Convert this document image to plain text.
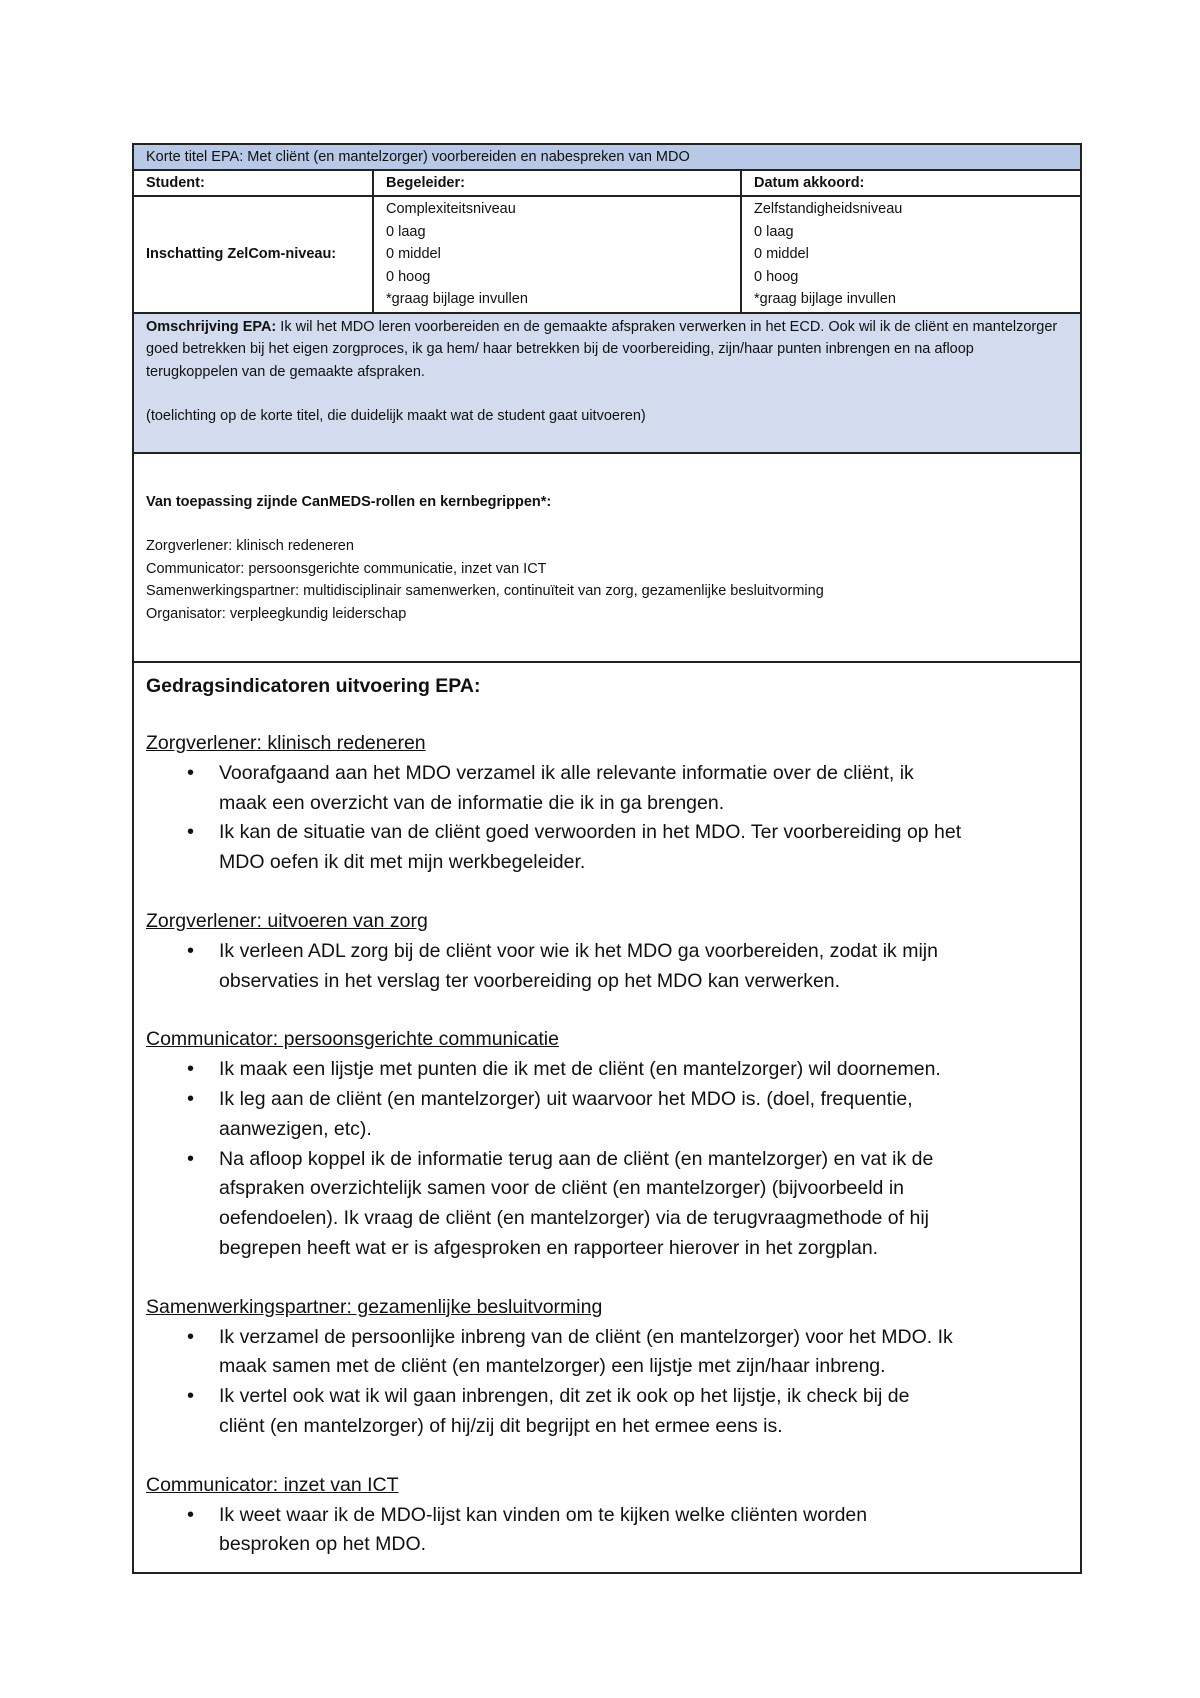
Korte titel EPA: Met cliënt (en mantelzorger) voorbereiden en nabespreken van MDO
Student:	Begeleider:	Datum akkoord:
Inschatting ZelCom-niveau:
Complexiteitsniveau
0 laag
0 middel
0 hoog
*graag bijlage invullen
Zelfstandigheidsniveau
0 laag
0 middel
0 hoog
*graag bijlage invullen
Omschrijving EPA: Ik wil het MDO leren voorbereiden en de gemaakte afspraken verwerken in het ECD. Ook wil ik de cliënt en mantelzorger goed betrekken bij het eigen zorgproces, ik ga hem/ haar betrekken bij de voorbereiding, zijn/haar punten inbrengen en na afloop terugkoppelen van de gemaakte afspraken.
(toelichting op de korte titel, die duidelijk maakt wat de student gaat uitvoeren)
Van toepassing zijnde CanMEDS-rollen en kernbegrippen*:
Zorgverlener: klinisch redeneren
Communicator: persoonsgerichte communicatie, inzet van ICT
Samenwerkingspartner: multidisciplinair samenwerken, continuïteit van zorg, gezamenlijke besluitvorming
Organisator: verpleegkundig leiderschap
Gedragsindicatoren uitvoering EPA:

Zorgverlener: klinisch redeneren

• Voorafgaand aan het MDO verzamel ik alle relevante informatie over de cliënt, ik
maak een overzicht van de informatie die ik in ga brengen.
• Ik kan de situatie van de cliënt goed verwoorden in het MDO. Ter voorbereiding op het
MDO oefen ik dit met mijn werkbegeleider.

Zorgverlener: uitvoeren van zorg

• Ik verleen ADL zorg bij de cliënt voor wie ik het MDO ga voorbereiden, zodat ik mijn
observaties in het verslag ter voorbereiding op het MDO kan verwerken.

Communicator: persoonsgerichte communicatie

• Ik maak een lijstje met punten die ik met de cliënt (en mantelzorger) wil doornemen.
• Ik leg aan de cliënt (en mantelzorger) uit waarvoor het MDO is. (doel, frequentie,
aanwezigen, etc).
• Na afloop koppel ik de informatie terug aan de cliënt (en mantelzorger) en vat ik de
afspraken overzichtelijk samen voor de cliënt (en mantelzorger) (bijvoorbeeld in
oefendoelen). Ik vraag de cliënt (en mantelzorger) via de terugvraagmethode of hij
begrepen heeft wat er is afgesproken en rapporteer hierover in het zorgplan.

Samenwerkingspartner: gezamenlijke besluitvorming

• Ik verzamel de persoonlijke inbreng van de cliënt (en mantelzorger) voor het MDO. Ik
maak samen met de cliënt (en mantelzorger) een lijstje met zijn/haar inbreng.
• Ik vertel ook wat ik wil gaan inbrengen, dit zet ik ook op het lijstje, ik check bij de
cliënt (en mantelzorger) of hij/zij dit begrijpt en het ermee eens is.

Communicator: inzet van ICT

• Ik weet waar ik de MDO-lijst kan vinden om te kijken welke cliënten worden
besproken op het MDO.
